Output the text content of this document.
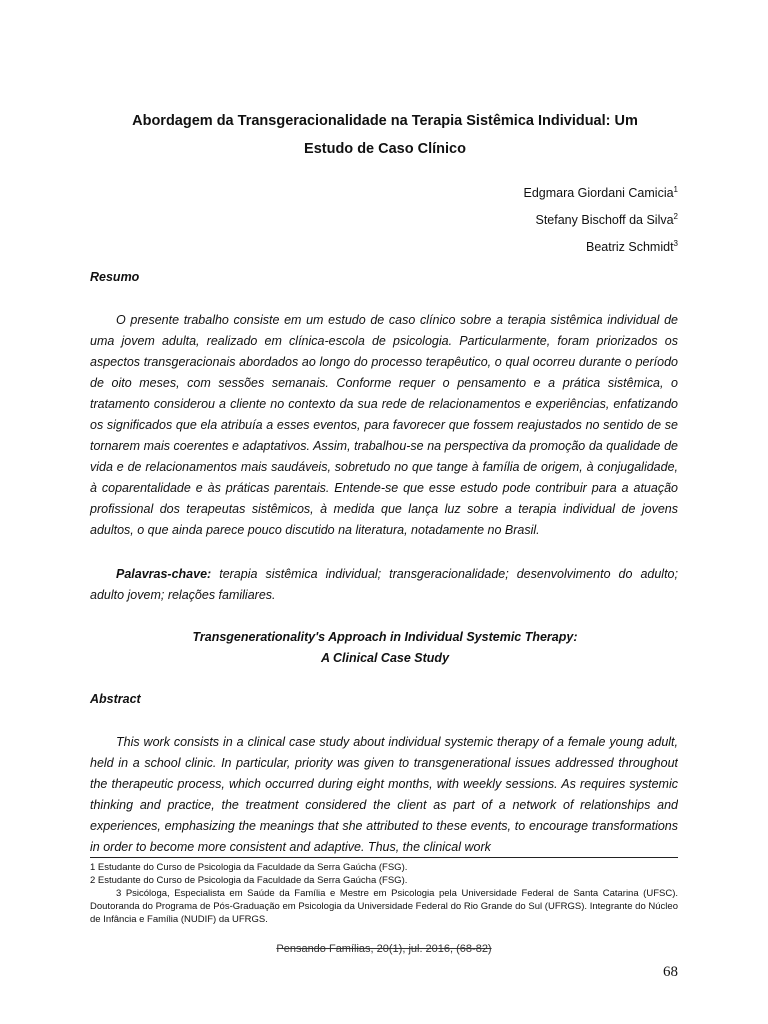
Abordagem da Transgeracionalidade na Terapia Sistêmica Individual: Um
Estudo de Caso Clínico
Edgmara Giordani Camicia$^1$
Stefany Bischoff da Silva$^2$
Beatriz Schmidt$^3$
Resumo

O presente trabalho consiste em um estudo de caso clínico sobre a terapia sistêmica individual de uma jovem adulta, realizado em clínica-escola de psicologia. Particularmente, foram priorizados os aspectos transgeracionais abordados ao longo do processo terapêutico, o qual ocorreu durante o período de oito meses, com sessões semanais. Conforme requer o pensamento e a prática sistêmica, o tratamento considerou a cliente no contexto da sua rede de relacionamentos e experiências, enfatizando os significados que ela atribuía a esses eventos, para favorecer que fossem reajustados no sentido de se tornarem mais coerentes e adaptativos. Assim, trabalhou-se na perspectiva da promoção da qualidade de vida e de relacionamentos mais saudáveis, sobretudo no que tange à família de origem, à conjugalidade, à coparentalidade e às práticas parentais. Entende-se que esse estudo pode contribuir para a atuação profissional dos terapeutas sistêmicos, à medida que lança luz sobre a terapia individual de jovens adultos, o que ainda parece pouco discutido na literatura, notadamente no Brasil.

Palavras-chave: terapia sistêmica individual; transgeracionalidade; desenvolvimento do adulto; adulto jovem; relações familiares.

Transgenerationality's Approach in Individual Systemic Therapy:
A Clinical Case Study
Abstract

This work consists in a clinical case study about individual systemic therapy of a female young adult, held in a school clinic. In particular, priority was given to transgenerational issues addressed throughout the therapeutic process, which occurred during eight months, with weekly sessions. As requires systemic thinking and practice, the treatment considered the client as part of a network of relationships and experiences, emphasizing the meanings that she attributed to these events, to encourage transformations in order to become more consistent and adaptive. Thus, the clinical work

1 Estudante do Curso de Psicologia da Faculdade da Serra Gaúcha (FSG).

2 Estudante do Curso de Psicologia da Faculdade da Serra Gaúcha (FSG).

3 Psicóloga, Especialista em Saúde da Família e Mestre em Psicologia pela Universidade Federal de Santa Catarina (UFSC). Doutoranda do Programa de Pós-Graduação em Psicologia da Universidade Federal do Rio Grande do Sul (UFRGS). Integrante do Núcleo de Infância e Família (NUDIF) da UFRGS.

Pensando Famílias, 20(1), jul. 2016, (68-82)
68
